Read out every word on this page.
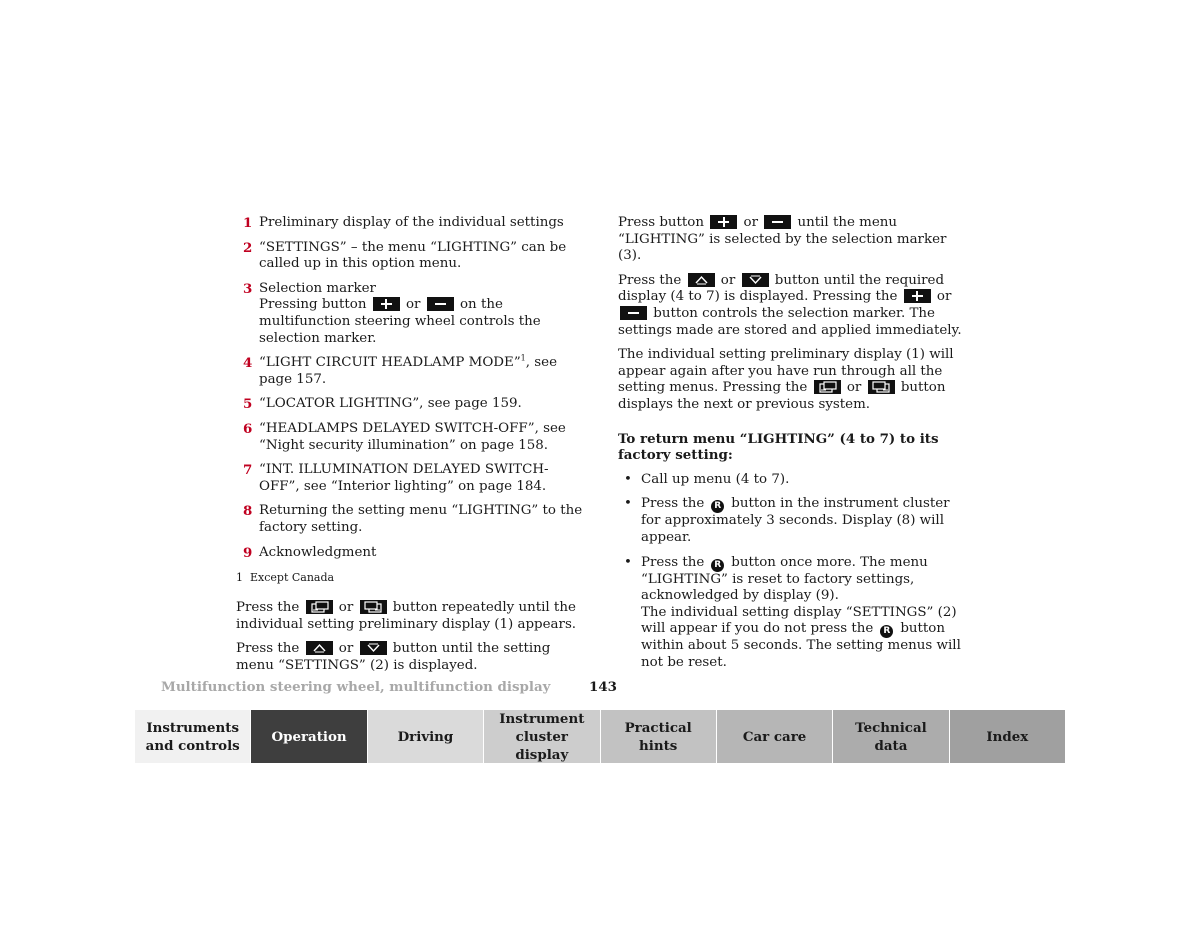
1 Preliminary display of the individual settings
2 “SETTINGS” – the menu “LIGHTING” can be called up in this option menu.
3 Selection marker
Pressing button	or	on the multifunction steering wheel controls the selection marker.
4 “LIGHT CIRCUIT HEADLAMP MODE”$^1$, see page 157.
5 “LOCATOR LIGHTING”, see page 159.
6 “HEADLAMPS DELAYED SWITCH-OFF”, see “Night security illumination” on page 158.
7 “INT. ILLUMINATION DELAYED SWITCH-OFF”, see “Interior lighting” on page 184.
8 Returning the setting menu “LIGHTING” to the factory setting.
9 Acknowledgment
1 Except Canada

Press the	or	button repeatedly until the individual setting preliminary display (1) appears.

Press the	or	button until the setting menu “SETTINGS” (2) is displayed.

Press button	or	until the menu “LIGHTING” is selected by the selection marker (3).

Press the	or	button until the required display (4 to 7) is displayed. Pressing the	or  button controls the selection marker. The settings made are stored and applied immediately.

The individual setting preliminary display (1) will appear again after you have run through all the setting menus. Pressing the	or	button displays the next or previous system.

To return menu “LIGHTING” (4 to 7) to its factory setting:

• Call up menu (4 to 7).
• Press the R button in the instrument cluster for approximately 3 seconds. Display (8) will appear.
• Press the R button once more. The menu “LIGHTING” is reset to factory settings, acknowledged by display (9).
The individual setting display “SETTINGS” (2) will appear if you do not press the R button within about 5 seconds. The setting menus will not be reset.
Multifunction steering wheel, multifunction display	143
Instruments
and controls
Operation	Driving
Instrument
cluster display
Practical hints
Car care
Technical
data
Index
